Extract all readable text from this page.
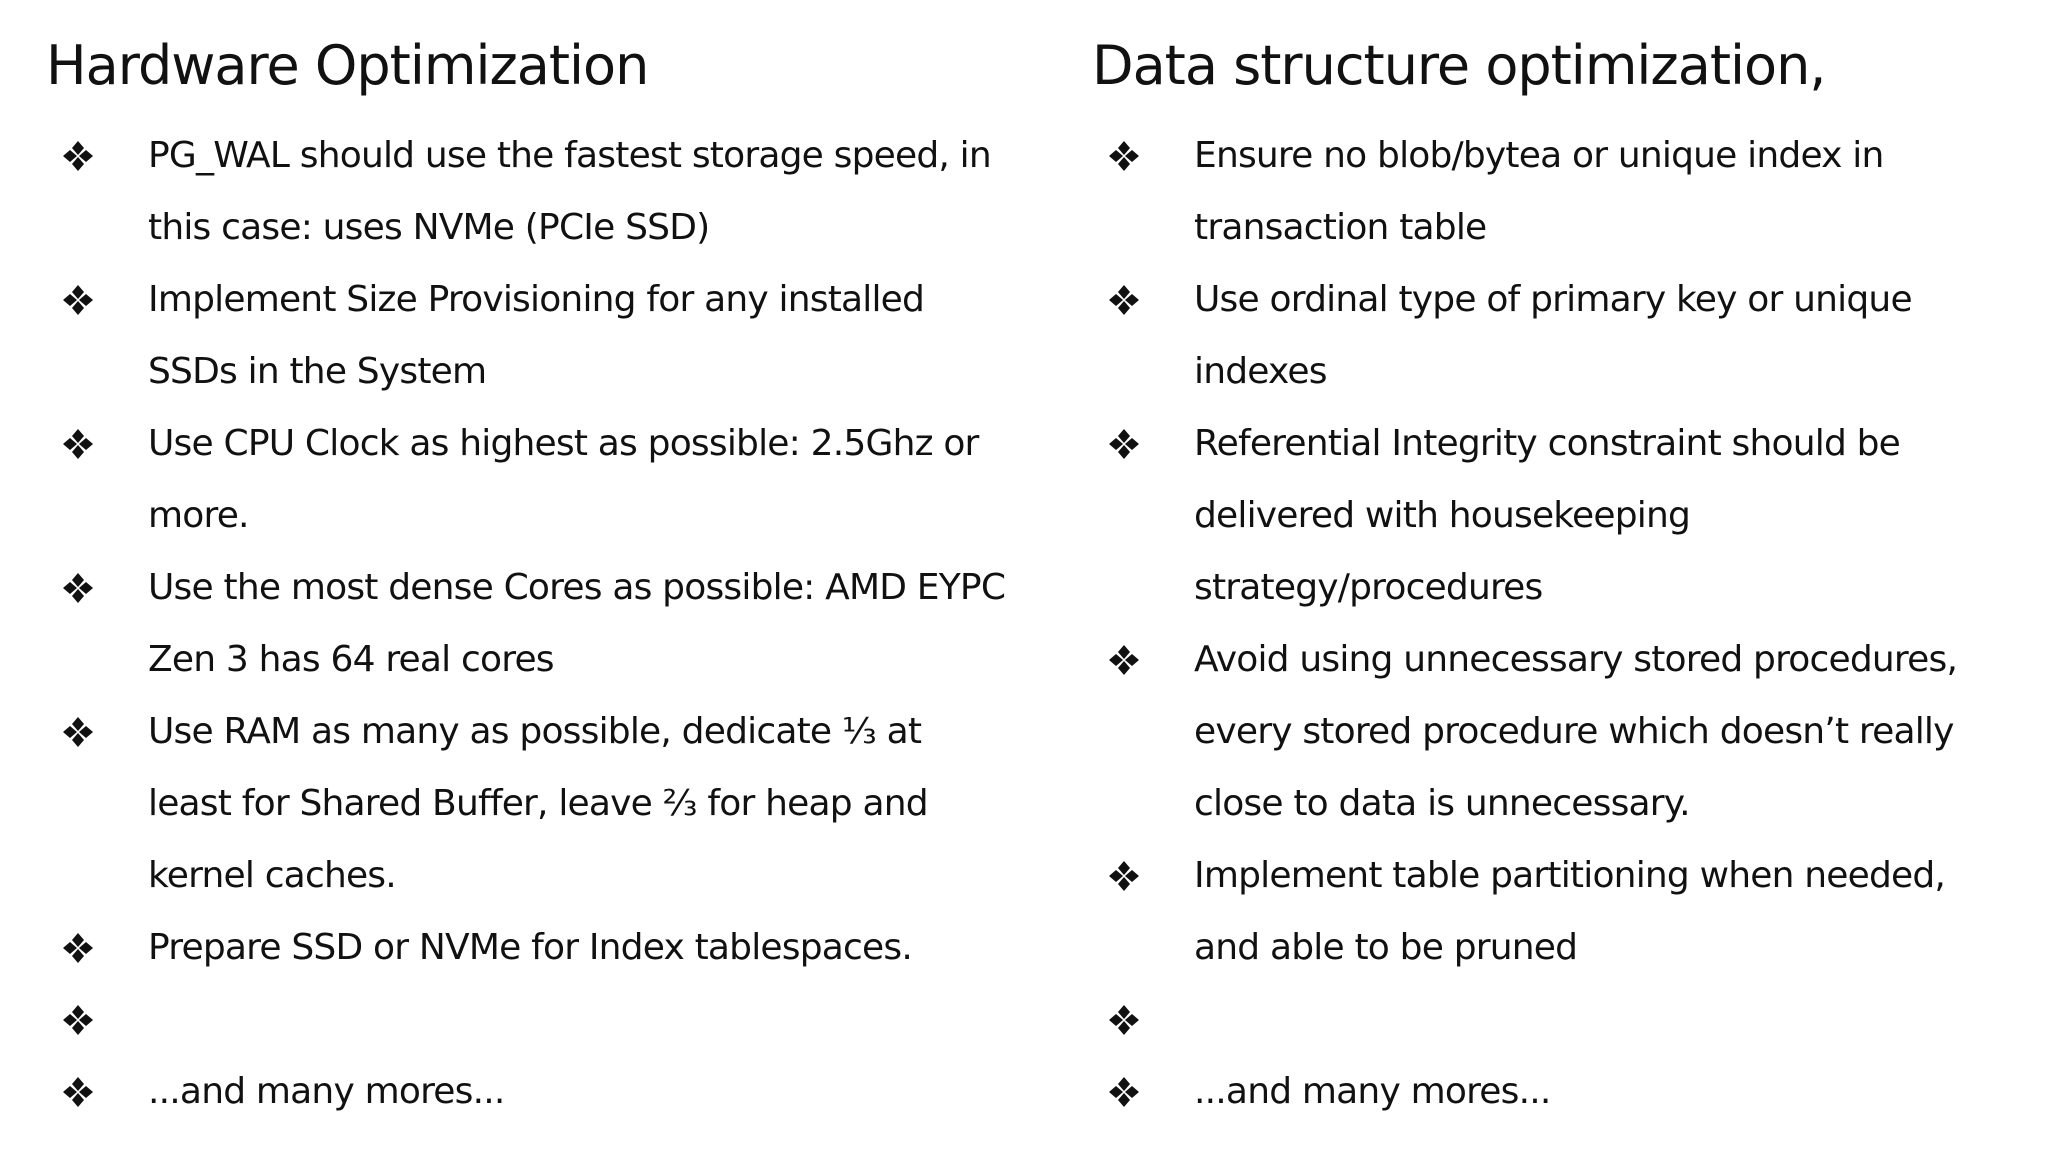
Hardware Optimization
PG_WAL should use the fastest storage speed, in this case: uses NVMe (PCIe SSD)
Implement Size Provisioning for any installed SSDs in the System
Use CPU Clock as highest as possible: 2.5Ghz or more.
Use the most dense Cores as possible: AMD EYPC Zen 3 has 64 real cores
Use RAM as many as possible, dedicate ⅓ at least for Shared Buffer, leave ⅔ for heap and kernel caches.
Prepare SSD or NVMe for Index tablespaces.
...and many mores...
Data structure optimization,
Ensure no blob/bytea or unique index in transaction table
Use ordinal type of primary key or unique indexes
Referential Integrity constraint should be delivered with housekeeping strategy/procedures
Avoid using unnecessary stored procedures, every stored procedure which doesn’t really close to data is unnecessary.
Implement table partitioning when needed, and able to be pruned
...and many mores...
